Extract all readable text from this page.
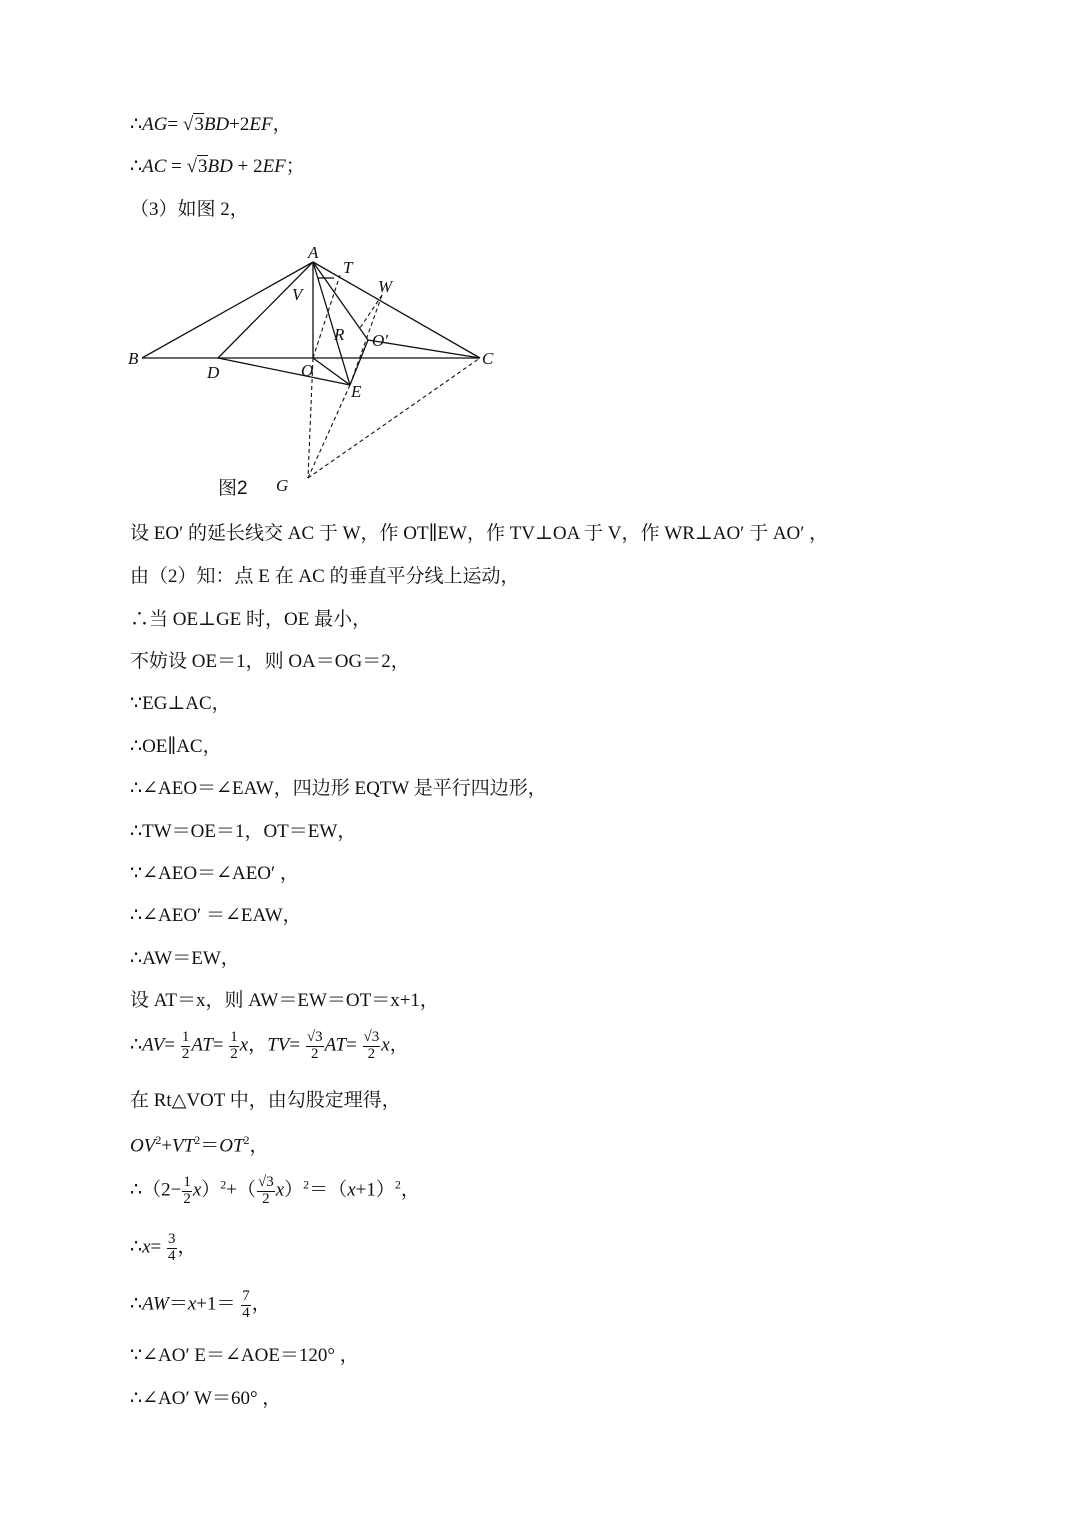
∴AG= √3BD+2EF，
∴AC = √3BD + 2EF；
（3）如图 2，
A
T
W
V
R O′
B
D	O
C
E
G
图2
设 EO′ 的延长线交 AC 于 W，作 OT∥EW，作 TV⊥OA 于 V，作 WR⊥AO′ 于 AO′ ，
由（2）知：点 E 在 AC 的垂直平分线上运动，
∴当 OE⊥GE 时，OE 最小，
不妨设 OE＝1，则 OA＝OG＝2，
∵EG⊥AC，
∴OE∥AC，
∴∠AEO＝∠EAW，四边形 EQTW 是平行四边形，
∴TW＝OE＝1，OT＝EW，
∵∠AEO＝∠AEO′ ，
∴∠AEO′ ＝∠EAW，
∴AW＝EW，
设 AT＝x，则 AW＝EW＝OT＝x+1，
∴AV= $\frac{1}{2} AT= \frac{1}{2}$ x，$TV= \frac{√3}{2} AT= \frac{√3}{2}$ x，
在 Rt△VOT 中，由勾股定理得，
$OV^2+VT^2=OT^2$，
∴（2− $\frac{1}{2} x)^2+( \frac{√3}{2} x)^2=(x+1)^2$，
∴x= $\frac{3}{4}$ ，
∴AW＝x+1＝ $\frac{7}{4}$ ，
∵∠AO′ E＝∠AOE＝120° ，
∴∠AO′ W＝60° ，
